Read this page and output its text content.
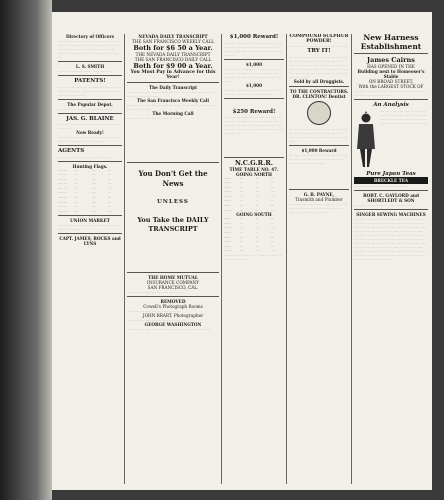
Directory of Officers
…. …… …. …… …. … …… …. …… … …. …… …. …… … …… …. …… …. …… …. … …… …. …… … …. …… …. …… … …… …. …… …. …… …. … …… …. …… …
L. S. SMITH
……. …. …… …. …… ……. …. ……
PATENTS!
…. …… …. …… …. … …… …. …… … …. …… …. …… … …… …. …… …. …… …. … …… …. …… …
The Popular Depot.
…. …… …. …… …. … …… …. ……
JAS. G. BLAINE
…. …… …. …… …. … …… …. …… … …. …… ….
Now Ready!
…. …… …. …… …. … …… …. …… … …. …… …. …… … …… …. …… ….
AGENTS
…. …… …. …… …. … …… …. ……
Hunting Flags.
…. ….	…	….	…
…. ….	…	….	…
…. ….	…	….	…
…. ….	…	….	…
…. ….	…	….	…
…. ….	…	….	…
…. ….	…	….	…
…. ….	…	….	…
…. ….	…	….	…
…. ….	…	….	…
UNION MARKET
…. …… …. …… …. … …… …. …… … …. …… …. …… …
CAPT. JAMES, ROCKS and LYNS
NEVADA DAILY TRANSCRIPT
THE SAN FRANCISCO WEEKLY CALL
Both for $6 50 a Year.
THE NEVADA DAILY TRANSCRIPT
THE SAN FRANCISCO DAILY CALL
Both for $9 00 a Year.
You Must Pay in Advance for this Year!
The Daily Transcript
…. …… …. …… …. … …… …. …… … …. …… …. …… … …… …. …… …. ……
The San Francisco Weekly Call
…. …… …. …… …. … …… …. …… … …. …… …. …… … …… …. …… ….
The Morning Call
…. …… …. …… …. … …… …. ……
You Don't Get the News
UNLESS
You Take the DAILY TRANSCRIPT
THE HOME MUTUAL
INSURANCE COMPANY
SAN FRANCISCO, CAL.
…. …… …. …… …. … …… …. …… …
REMOVED
Cowell's Photograph Rooms
…. …… …. …… …. … …… …. ……
JOHN BRART, Photographer
…. …… …. …… …. … …… …. …… …
GEORGE WASHINGTON
…. …… …. …… …. … …… …. …… … …. …… …. ……
$1,000 Reward!
…. …… …. …… …. … …… …. …… … …. …… …. …… … …… …. …… …. …… …. … …… …. …… … …. …… …. …… …
$1,000
…. …… …. …… …. … …… …. …… … …. …… …. …… … …… …. …… …. …… …. … …… …. …… … …. …… …. ……
$1,000
…. …… …. …… …. … …… …. …… … …. …… …. …… … …… …. ……
$250 Reward!
…. …… …. …… …. … …… …. …… … …. …… …. …… … …… …. …… …. …… …. … …… …. …… … …. …… …. …… … …… …. …… …. …… …. … …… …. …… …
N.C.G.R.R.
TIME TABLE NO. 47.
GOING NORTH
…….	…	…	…
…….	…	…	…
…….	…	…	…
…….	…	…	…
…….	…	…	…
…….	…	…	…
…….	…	…	…
…….	…	…	…
GOING SOUTH
…….	…	…	…
…….	…	…	…
…….	…	…	…
…….	…	…	…
…….	…	…	…
…….	…	…	…
…….	…	…	…
…….	…	…	…
…. …… …. …… …. … …… …. …… … …. …… …. ……
COMPOUND SULPHUR POWDER!
…. …… …. …… …. … …… …. …… …
TRY IT!
…. …… …. …… …. … …… …. …… … …. …… …. …… … …… …. …… …. …… …. … …… …. …… … …. …… …. …… … …… …. …… …. …… …. … …… …. …… … …. …… …. …… … …… …. …… …. ……
Sold by all Druggists.
TO THE CONTRACTORS.
DR. CLINTON! Dentist
…. …… …. …… …. … …… …. …… … …. …… …. …… … …… …. …… …. …… …. … …… …. …… … …. …… …. ……
$1,000 Reward
…. …… …. …… …. … …… …. …… … …. …… …. …… … …… …. …… …. …… …. … …… …. ……
G. B. PAYNE,
Tinsmith and Plumber
…. …… …. …… …. … …… …. …… … …. …… …. …… … …… …. …… …. …… …. … …… …. …… …
New Harness Establishment
James Cairns
HAS OPENED IN THE
Building next to Homeoser's Stable
ON BROAD STREET,
With the LARGEST STOCK OF
…. …… …. …… …. … …… …. …… … …. …… …. …… … …… …. ……
An Analysis
…. …… …. …… …. … …… …. …… … …. …… …. …… … …… …. …… …. …… …. … …… …. …… … …. …… …. …… … ……
Pure Japan Teas
BRECKLE TEA
…. …… …. …… …. … …… …. ……
ROBT. C. GAYLORD and SHORTLEDT & SON
…. …… …. …… …. … …… …. …… …
SINGER SEWING MACHINES
…. …… …. …… …. … …… …. …… … …. …… …. …… … …… …. …… …. …… …. … …… …. …… … …. …… …. …… … …… …. …… …. …… …. … …… …. …… … …. …… …. …… … …… …. …… …. …… …. … …… …. …… … …. …… …. …… … …… …. …… …. …… …. … …… …. …… … …. …… …. …… … …… …. …… …. …… …. … …… …. …… … …. …… …. …… … …… …. …… …. …… …. … …… …. …… … …. …… …. …… … …… …. …… …. …… …. … …… …. …… … …. …… …. ……
